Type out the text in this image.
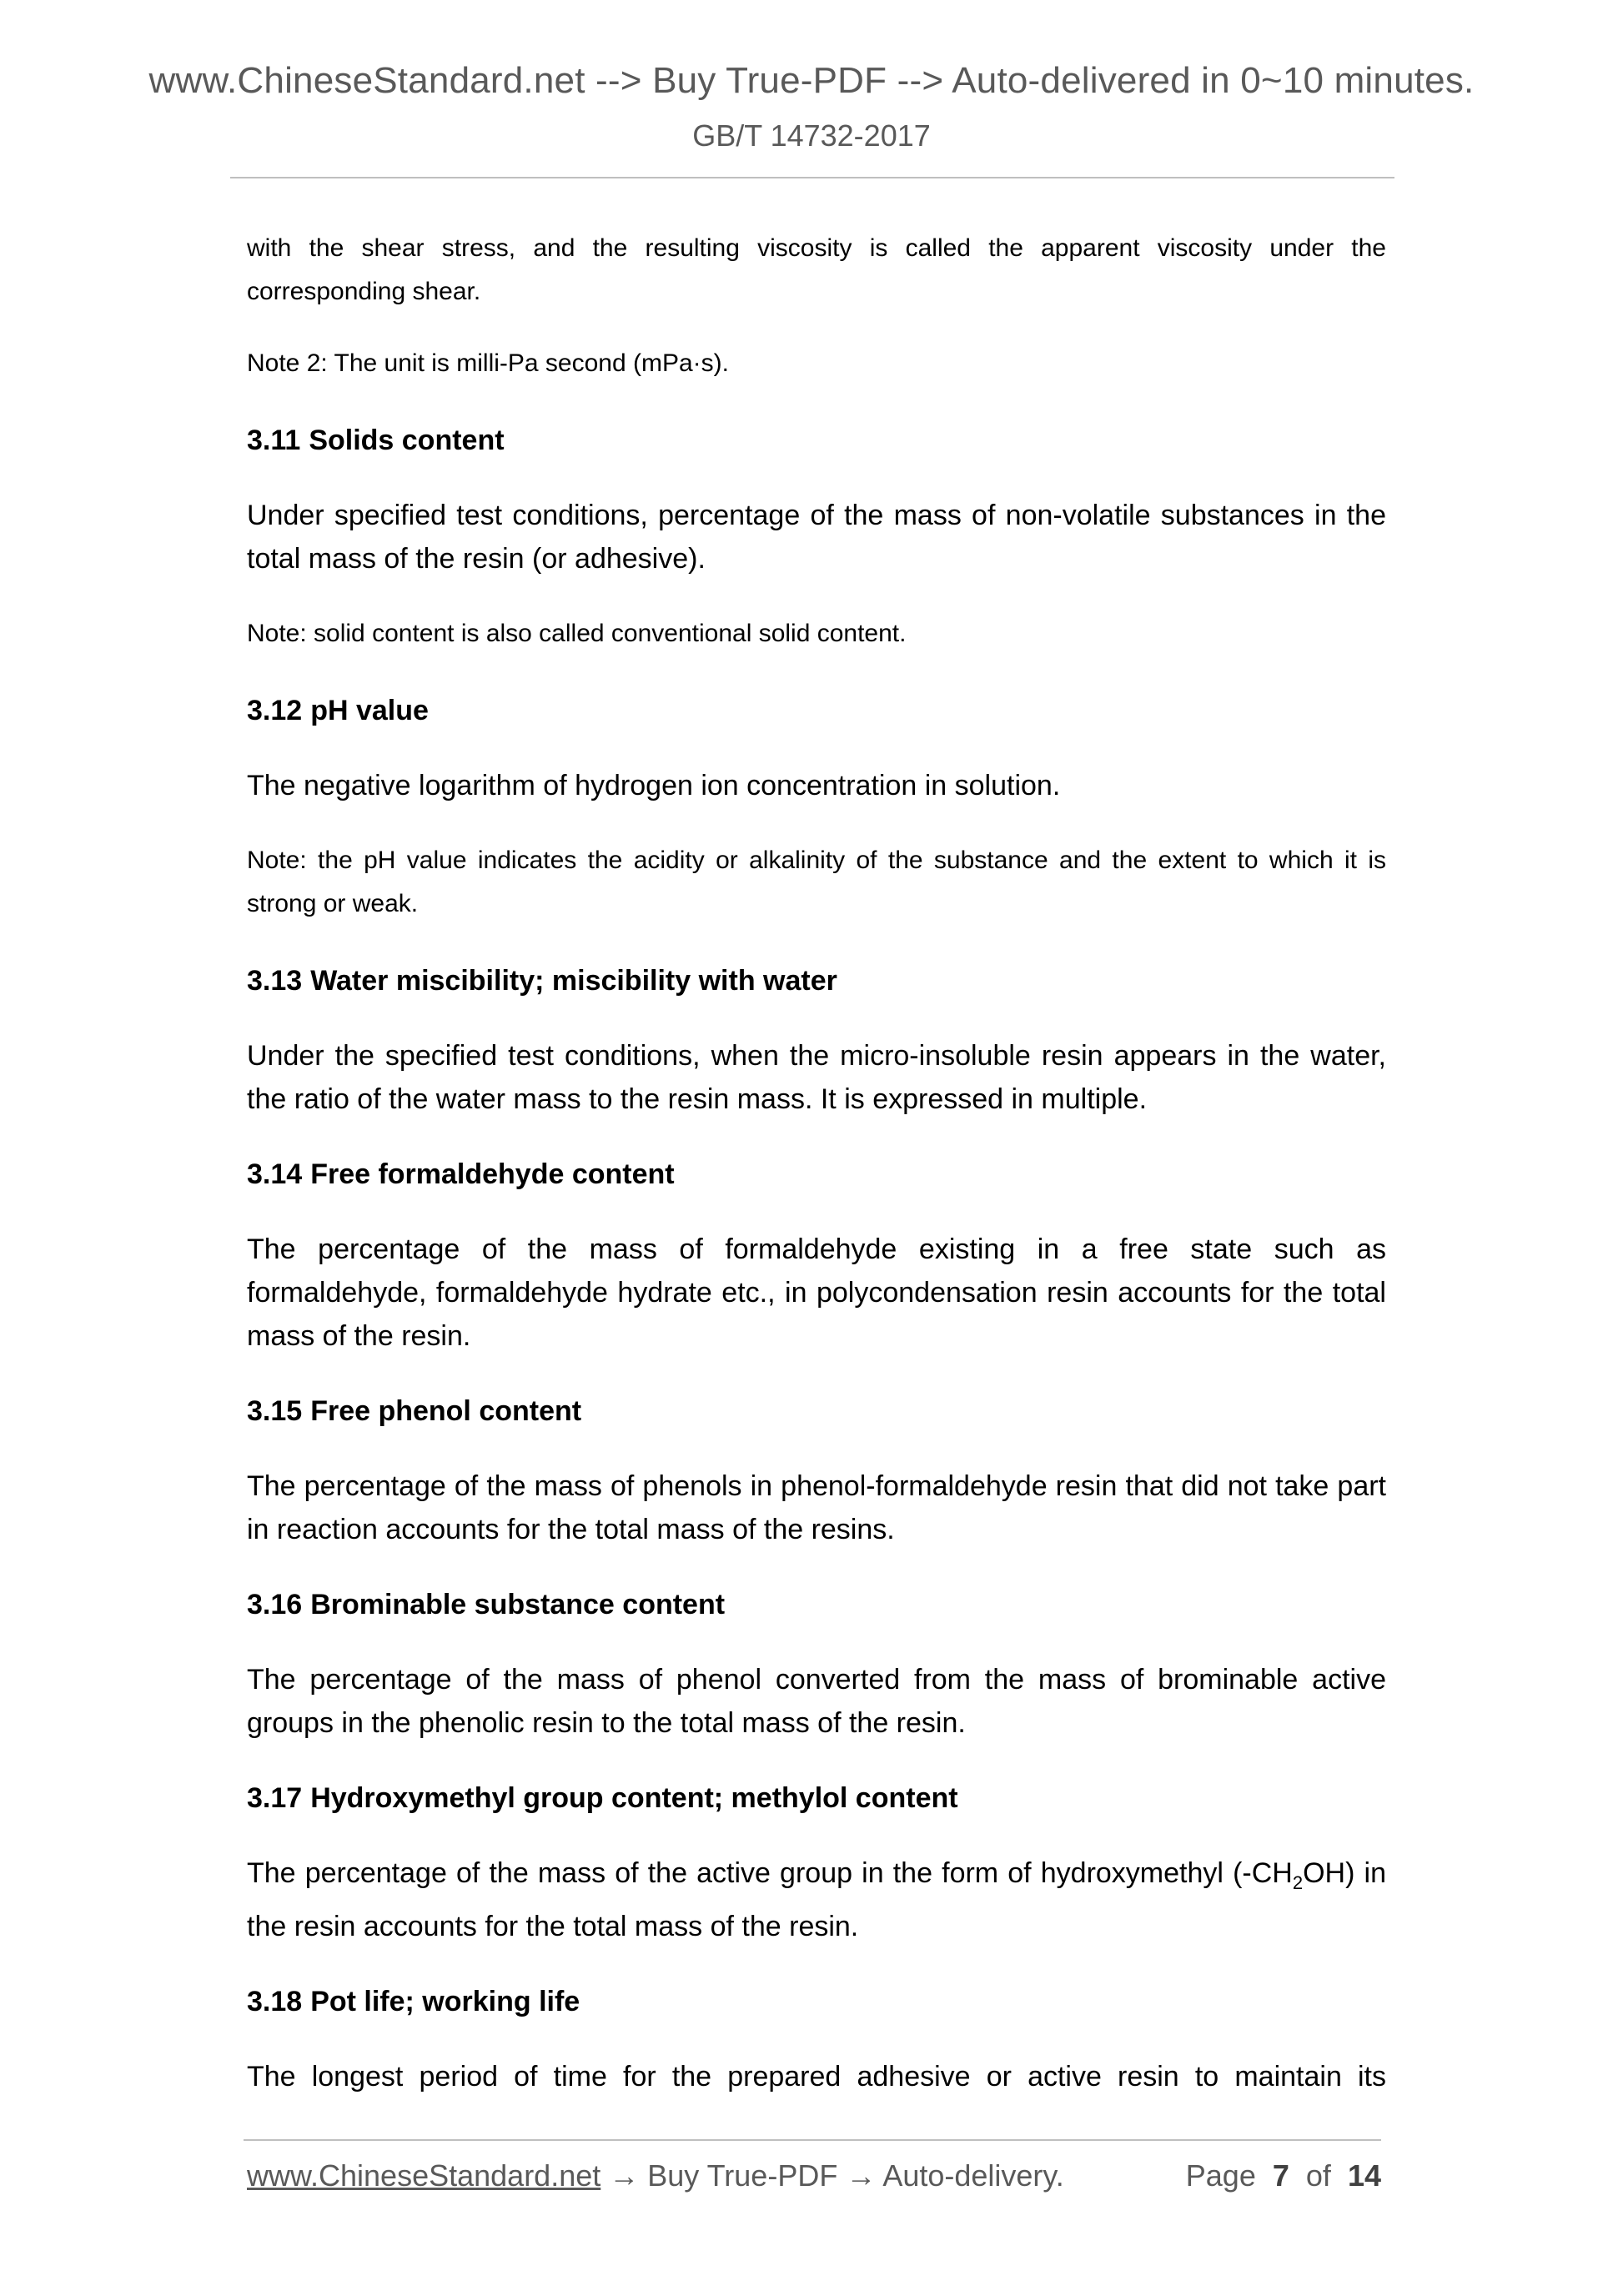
www.ChineseStandard.net --> Buy True-PDF --> Auto-delivered in 0~10 minutes.
GB/T 14732-2017

with the shear stress, and the resulting viscosity is called the apparent viscosity under the corresponding shear.

Note 2: The unit is milli-Pa second (mPa·s).

3.11 Solids content

Under specified test conditions, percentage of the mass of non-volatile substances in the total mass of the resin (or adhesive).

Note: solid content is also called conventional solid content.

3.12 pH value

The negative logarithm of hydrogen ion concentration in solution.

Note: the pH value indicates the acidity or alkalinity of the substance and the extent to which it is strong or weak.

3.13 Water miscibility; miscibility with water

Under the specified test conditions, when the micro-insoluble resin appears in the water, the ratio of the water mass to the resin mass. It is expressed in multiple.

3.14 Free formaldehyde content

The percentage of the mass of formaldehyde existing in a free state such as formaldehyde, formaldehyde hydrate etc., in polycondensation resin accounts for the total mass of the resin.

3.15 Free phenol content

The percentage of the mass of phenols in phenol-formaldehyde resin that did not take part in reaction accounts for the total mass of the resins.

3.16 Brominable substance content

The percentage of the mass of phenol converted from the mass of brominable active groups in the phenolic resin to the total mass of the resin.

3.17 Hydroxymethyl group content; methylol content

The percentage of the mass of the active group in the form of hydroxymethyl $(-CH_2OH)$ in the resin accounts for the total mass of the resin.

3.18 Pot life; working life

The longest period of time for the prepared adhesive or active resin to maintain its

www.ChineseStandard.net → Buy True-PDF → Auto-delivery.	Page 7 of 14
